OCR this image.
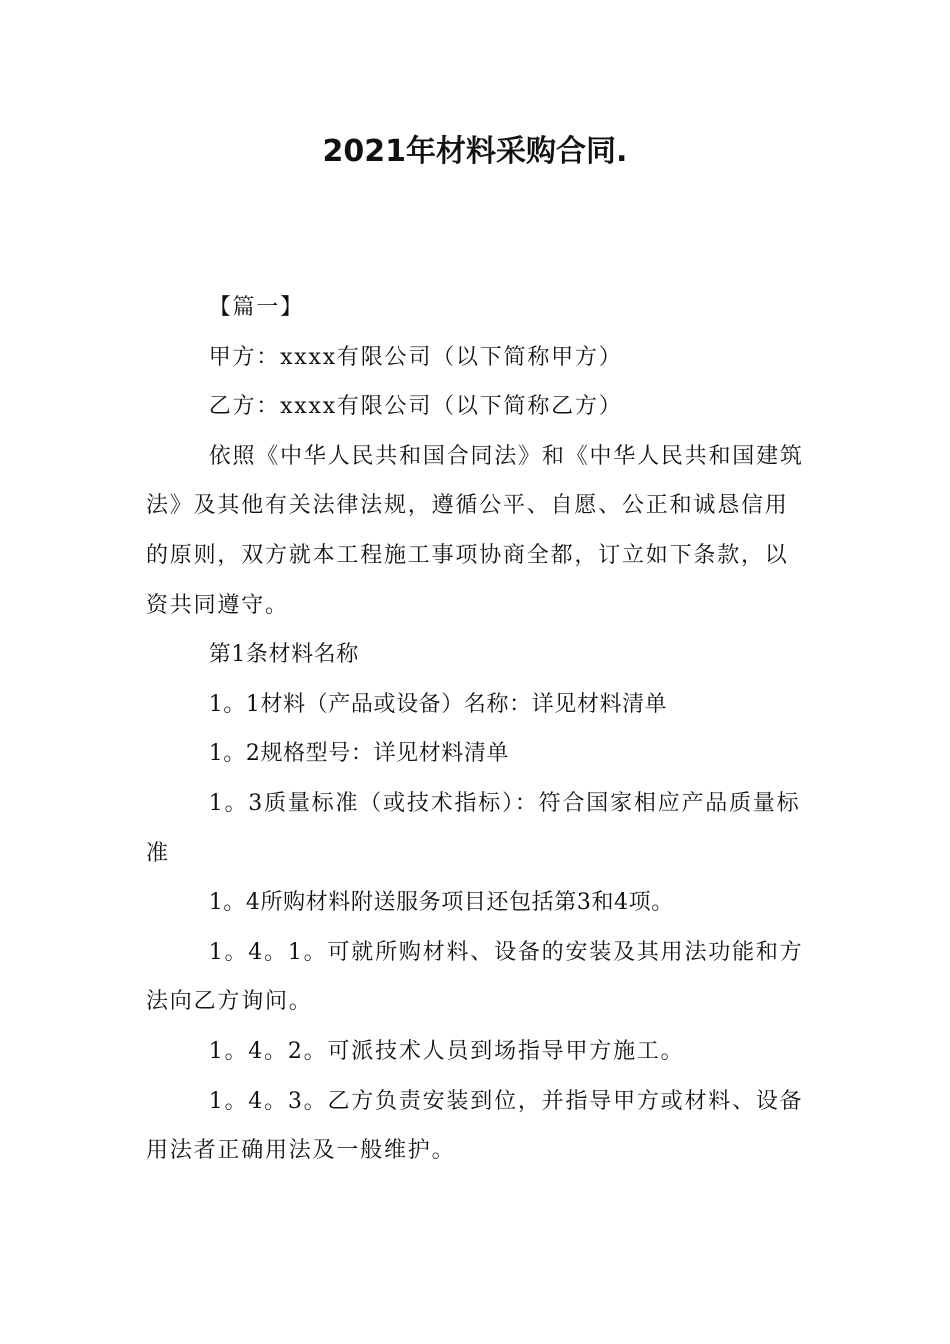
2021年材料采购合同.

【篇一】

甲方：xxxx有限公司（以下简称甲方）

乙方：xxxx有限公司（以下简称乙方）

依照《中华人民共和国合同法》和《中华人民共和国建筑法》及其他有关法律法规，遵循公平、自愿、公正和诚恳信用的原则，双方就本工程施工事项协商全都，订立如下条款，以资共同遵守。

第1条材料名称

1。1材料（产品或设备）名称：详见材料清单

1。2规格型号：详见材料清单

1。3质量标准（或技术指标）：符合国家相应产品质量标准

1。4所购材料附送服务项目还包括第3和4项。

1。4。1。可就所购材料、设备的安装及其用法功能和方法向乙方询问。

1。4。2。可派技术人员到场指导甲方施工。

1。4。3。乙方负责安装到位，并指导甲方或材料、设备用法者正确用法及一般维护。
